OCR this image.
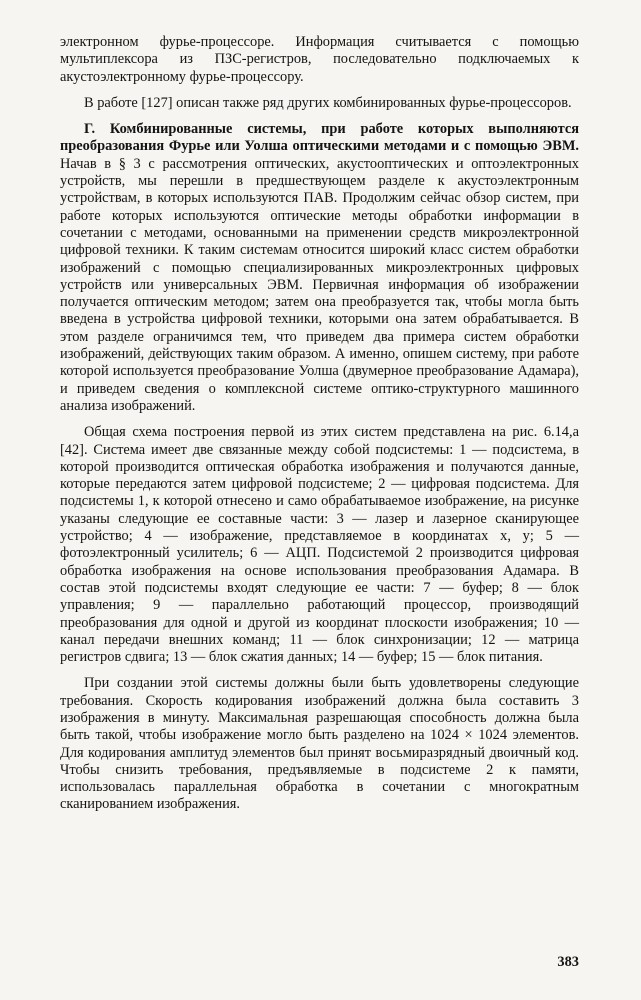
электронном фурье-процессоре. Информация считывается с помощью мультиплексора из ПЗС-регистров, последовательно подключаемых к акустоэлектронному фурье-процессору.

В работе [127] описан также ряд других комбинированных фурье-процессоров.

Г. Комбинированные системы, при работе которых выполняются преобразования Фурье или Уолша оптическими методами и с помощью ЭВМ. Начав в § 3 с рассмотрения оптических, акустооптических и оптоэлектронных устройств, мы перешли в предшествующем разделе к акустоэлектронным устройствам, в которых используются ПАВ. Продолжим сейчас обзор систем, при работе которых используются оптические методы обработки информации в сочетании с методами, основанными на применении средств микроэлектронной цифровой техники. К таким системам относится широкий класс систем обработки изображений с помощью специализированных микроэлектронных цифровых устройств или универсальных ЭВМ. Первичная информация об изображении получается оптическим методом; затем она преобразуется так, чтобы могла быть введена в устройства цифровой техники, которыми она затем обрабатывается. В этом разделе ограничимся тем, что приведем два примера систем обработки изображений, действующих таким образом. А именно, опишем систему, при работе которой используется преобразование Уолша (двумерное преобразование Адамара), и приведем сведения о комплексной системе оптико-структурного машинного анализа изображений.

Общая схема построения первой из этих систем представлена на рис. 6.14,а [42]. Система имеет две связанные между собой подсистемы: 1 — подсистема, в которой производится оптическая обработка изображения и получаются данные, которые передаются затем цифровой подсистеме; 2 — цифровая подсистема. Для подсистемы 1, к которой отнесено и само обрабатываемое изображение, на рисунке указаны следующие ее составные части: 3 — лазер и лазерное сканирующее устройство; 4 — изображение, представляемое в координатах x, y; 5 — фотоэлектронный усилитель; 6 — АЦП. Подсистемой 2 производится цифровая обработка изображения на основе использования преобразования Адамара. В состав этой подсистемы входят следующие ее части: 7 — буфер; 8 — блок управления; 9 — параллельно работающий процессор, производящий преобразования для одной и другой из координат плоскости изображения; 10 — канал передачи внешних команд; 11 — блок синхронизации; 12 — матрица регистров сдвига; 13 — блок сжатия данных; 14 — буфер; 15 — блок питания.

При создании этой системы должны были быть удовлетворены следующие требования. Скорость кодирования изображений должна была составить 3 изображения в минуту. Максимальная разрешающая способность должна была быть такой, чтобы изображение могло быть разделено на 1024 × 1024 элементов. Для кодирования амплитуд элементов был принят восьмиразрядный двоичный код. Чтобы снизить требования, предъявляемые в подсистеме 2 к памяти, использовалась параллельная обработка в сочетании с многократным сканированием изображения.

383
